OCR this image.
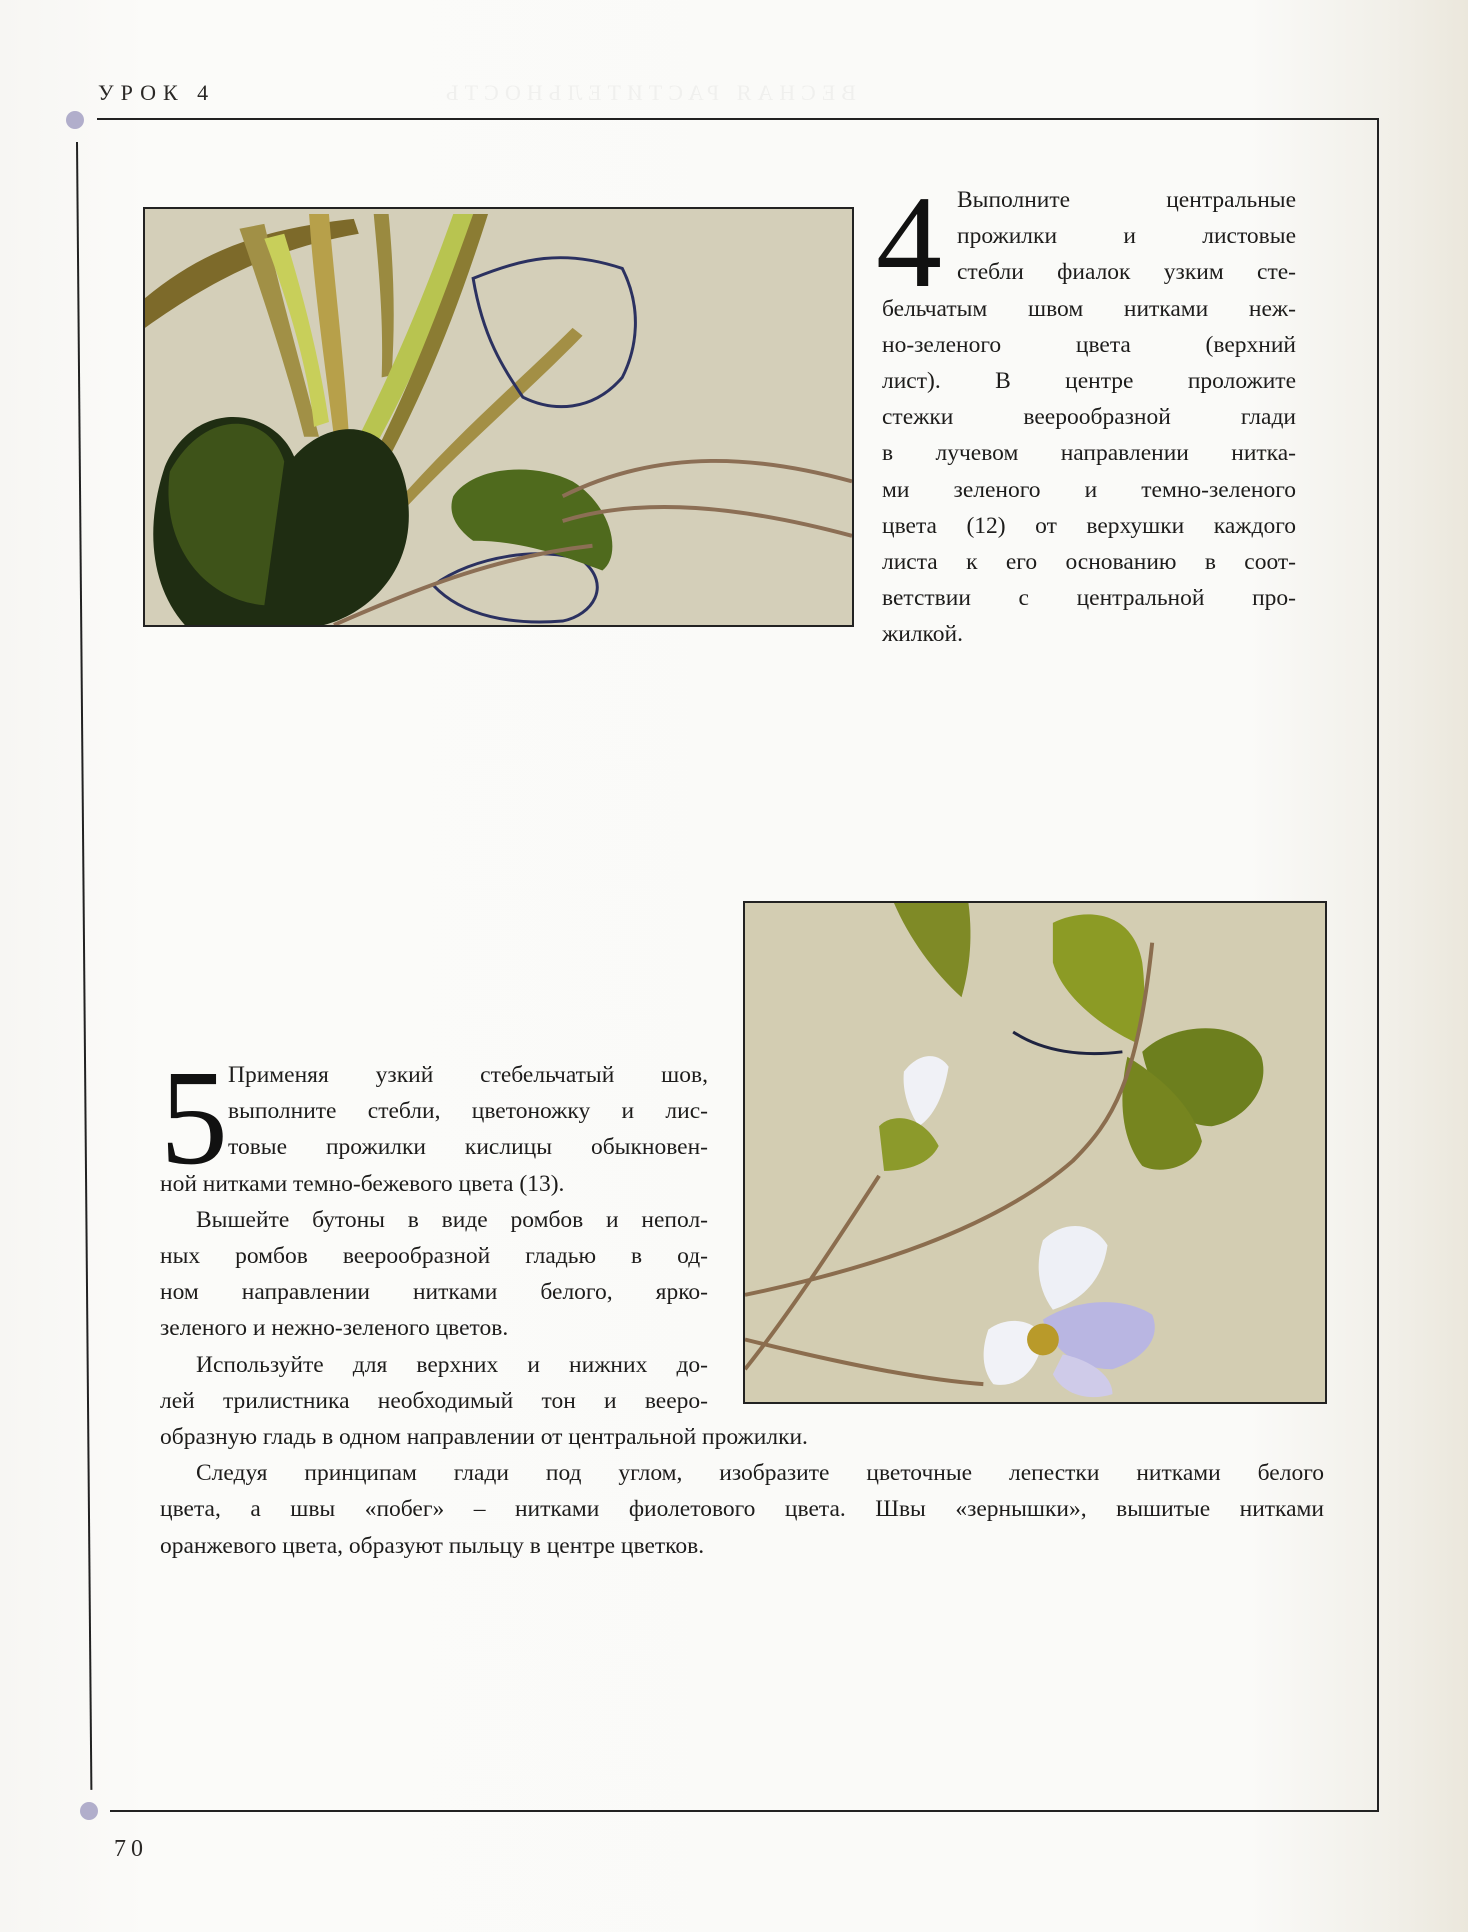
ВЕСНАЯ РАСТИТЕЛЬНОСТЬ
УРОК 4
4 Выполните центральные
прожилки и листовые
стебли фиалок узким сте-
бельчатым швом нитками неж-
но-зеленого цвета (верхний
лист). В центре проложите
стежки веерообразной глади
в лучевом направлении нитка-
ми зеленого и темно-зеленого
цвета (12) от верхушки каждого
листа к его основанию в соот-
ветствии с центральной про-
жилкой.
5 Применяя узкий стебельчатый шов,
выполните стебли, цветоножку и лис-
товые прожилки кислицы обыкновен-
ной нитками темно-бежевого цвета (13).
Вышейте бутоны в виде ромбов и непол-
ных ромбов веерообразной гладью в од-
ном направлении нитками белого, ярко-
зеленого и нежно-зеленого цветов.
Используйте для верхних и нижних до-
лей трилистника необходимый тон и вееро-
образную гладь в одном направлении от центральной прожилки.
Следуя принципам глади под углом, изобразите цветочные лепестки нитками белого
цвета, а швы «побег» – нитками фиолетового цвета. Швы «зернышки», вышитые нитками
оранжевого цвета, образуют пыльцу в центре цветков.
70
